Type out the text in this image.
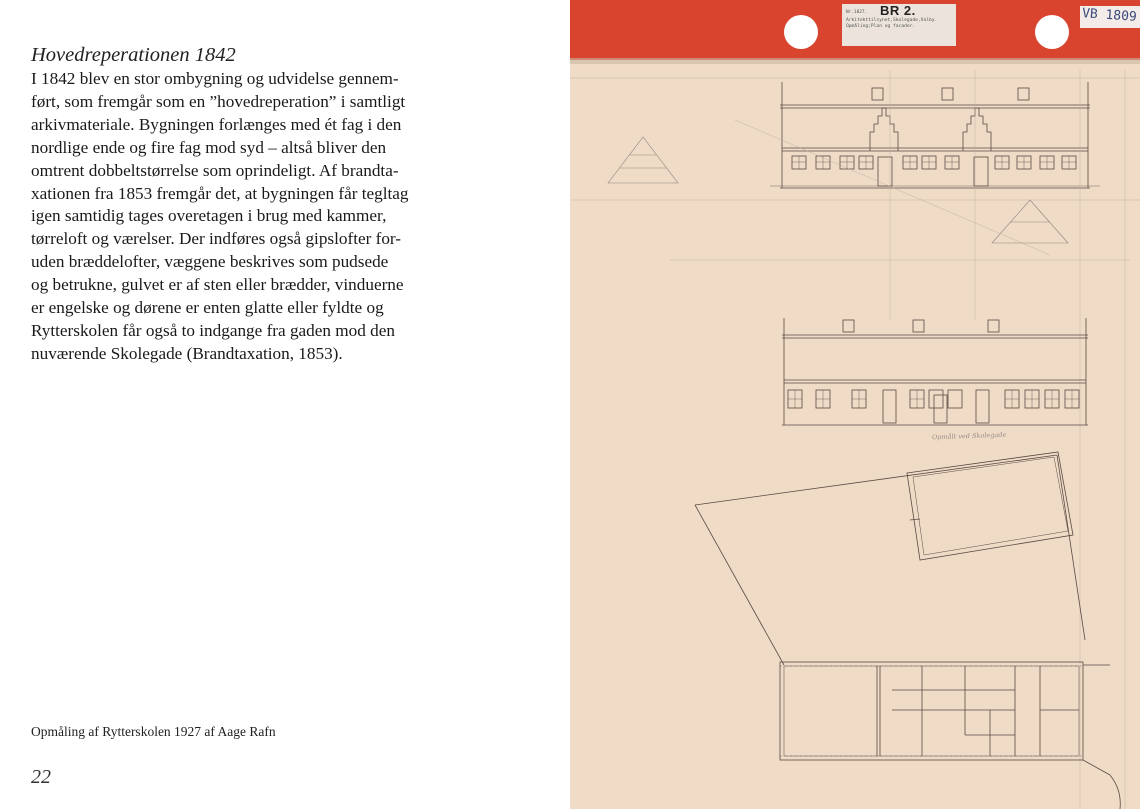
Hovedreperationen 1842
I 1842 blev en stor ombygning og udvidelse gennem-
ført, som fremgår som en ”hovedreperation” i samtligt
arkivmateriale. Bygningen forlænges med ét fag i den
nordlige ende og fire fag mod syd – altså bliver den
omtrent dobbeltstørrelse som oprindeligt. Af brandta-
xationen fra 1853 fremgår det, at bygningen får tegltag
igen samtidig tages overetagen i brug med kammer,
tørreloft og værelser. Der indføres også gipslofter for-
uden bræddelofter, væggene beskrives som pudsede
og betrukne, gulvet er af sten eller brædder, vinduerne
er engelske og dørene er enten glatte eller fyldte og
Rytterskolen får også to indgange fra gaden mod den
nuværende Skolegade (Brandtaxation, 1853).
Opmåling af Rytterskolen 1927 af Aage Rafn
22
Nr.1027. BR 2.
Arkitekttilsynet,Skolegade,Valby. Opmåling;Plan og facader.
VB 1809
Opmålt ved Skolegade
